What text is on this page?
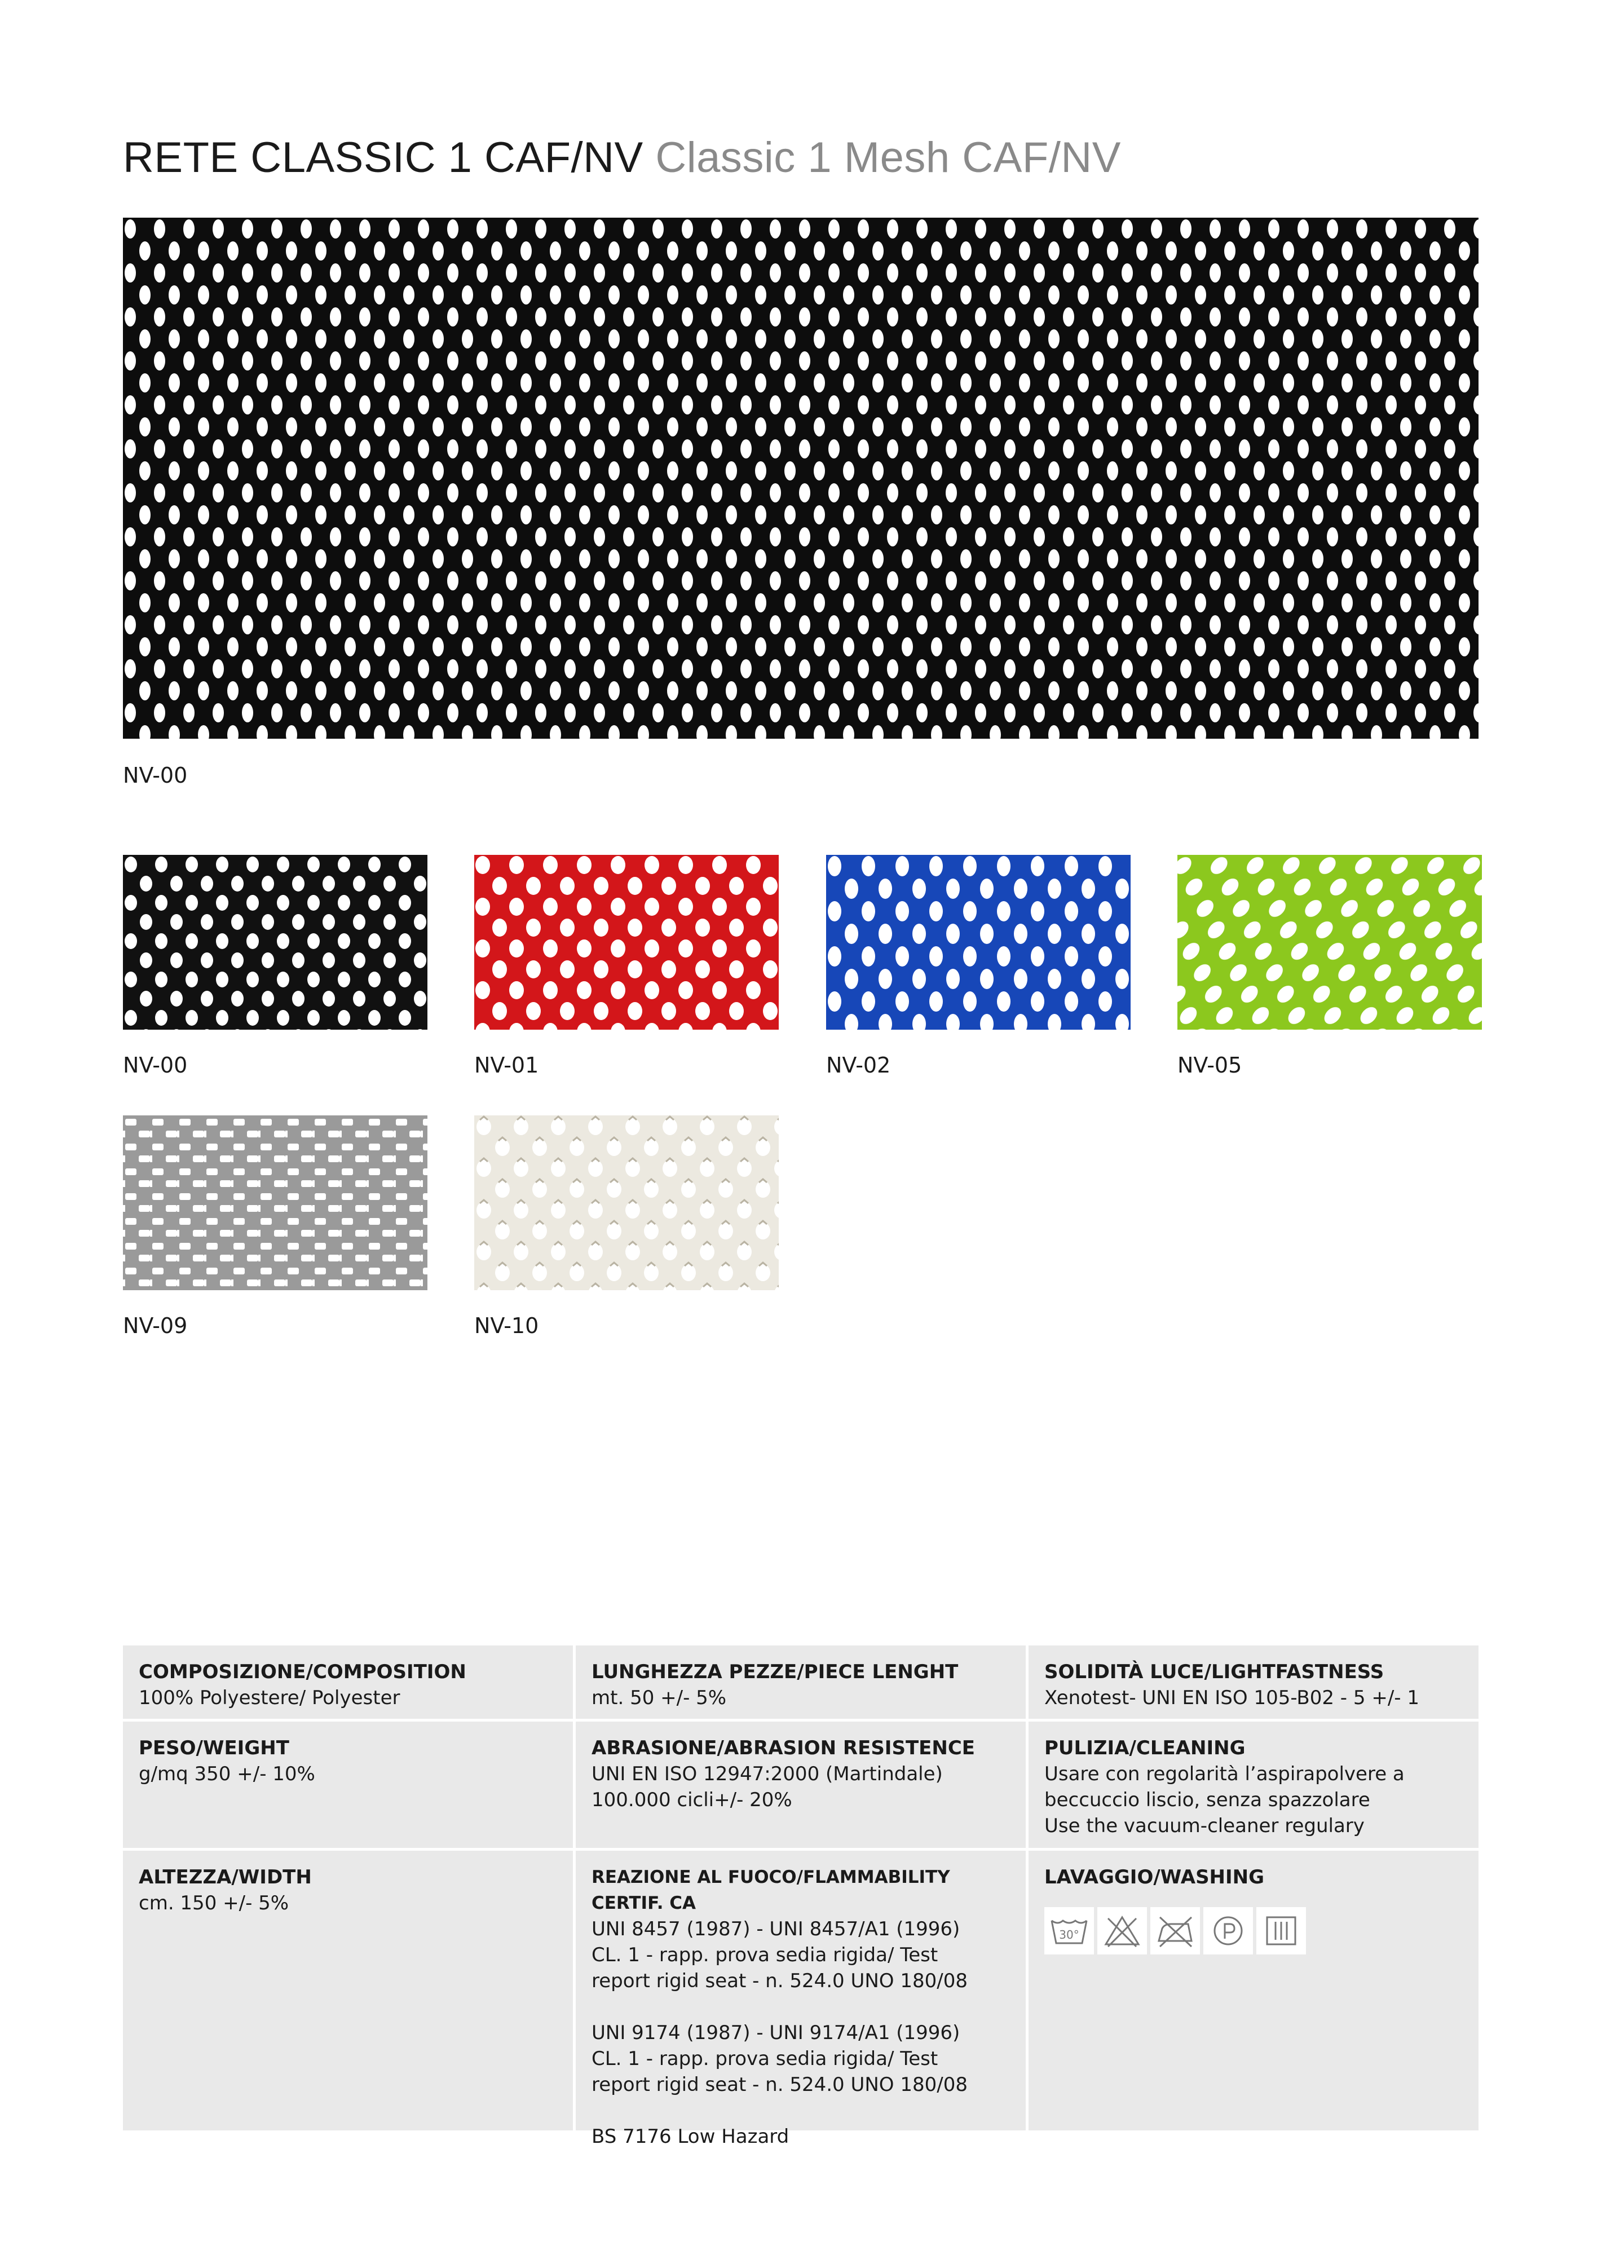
RETE CLASSIC 1 CAF/NV Classic 1 Mesh CAF/NV
NV-00
NV-00	NV-01	NV-02	NV-05
NV-09	NV-10
COMPOSIZIONE/COMPOSITION
100% Polyestere/ Polyester
LUNGHEZZA PEZZE/PIECE LENGHT
mt. 50 +/- 5%
SOLIDITÀ LUCE/LIGHTFASTNESS
Xenotest- UNI EN ISO 105-B02 - 5 +/- 1
PESO/WEIGHT
g/mq 350 +/- 10%
ABRASIONE/ABRASION RESISTENCE
UNI EN ISO 12947:2000 (Martindale)
100.000 cicli+/- 20%
PULIZIA/CLEANING
Usare con regolarità l’aspirapolvere a
beccuccio liscio, senza spazzolare
Use the vacuum-cleaner regulary
ALTEZZA/WIDTH
cm. 150 +/- 5%
REAZIONE AL FUOCO/FLAMMABILITY CERTIF. CA
UNI 8457 (1987) - UNI 8457/A1 (1996)
CL. 1 - rapp. prova sedia rigida/ Test
report rigid seat - n. 524.0 UNO 180/08

UNI 9174 (1987) - UNI 9174/A1 (1996)
CL. 1 - rapp. prova sedia rigida/ Test
report rigid seat - n. 524.0 UNO 180/08

BS 7176 Low Hazard
LAVAGGIO/WASHING
30°
